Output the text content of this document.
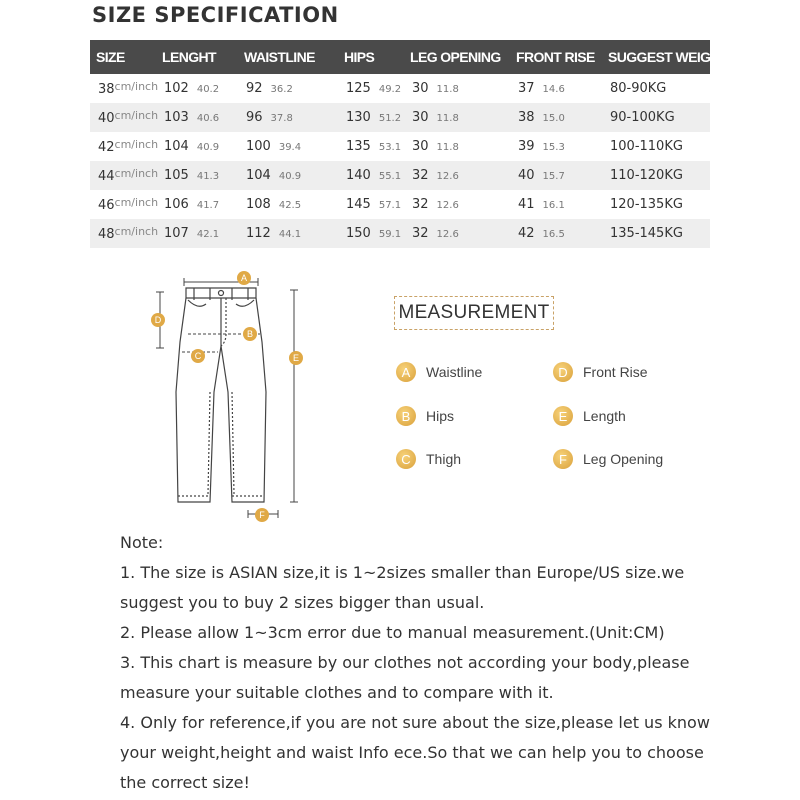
SIZE SPECIFICATION
SIZE	LENGHT	WAISTLINE	HIPS	LEG OPENING	FRONT RISE	SUGGEST WEIGHT
$38^{cm/inch}$	102 40.2	92 36.2	125 49.2	30 11.8	37 14.6	80-90KG
$40^{cm/inch}$	103 40.6	96 37.8	130 51.2	30 11.8	38 15.0	90-100KG
$42^{cm/inch}$	104 40.9	100 39.4	135 53.1	30 11.8	39 15.3	100-110KG
$44^{cm/inch}$	105 41.3	104 40.9	140 55.1	32 12.6	40 15.7	110-120KG
$46^{cm/inch}$	106 41.7	108 42.5	145 57.1	32 12.6	41 16.1	120-135KG
$48^{cm/inch}$	107 42.1	112 44.1	150 59.1	32 12.6	42 16.5	135-145KG
A
B
C
D
E
F
MEASUREMENT
A	Waistline
B	Hips
C	Thigh
D	Front Rise
E	Length
F	Leg Opening

Note:

1. The size is ASIAN size,it is 1~2sizes smaller than Europe/US size.we suggest you to buy 2 sizes bigger than usual.

2. Please allow 1~3cm error due to manual measurement.(Unit:CM)

3. This chart is measure by our clothes not according your body,please measure your suitable clothes and to compare with it.

4. Only for reference,if you are not sure about the size,please let us know your weight,height and waist Info ece.So that we can help you to choose the correct size!
